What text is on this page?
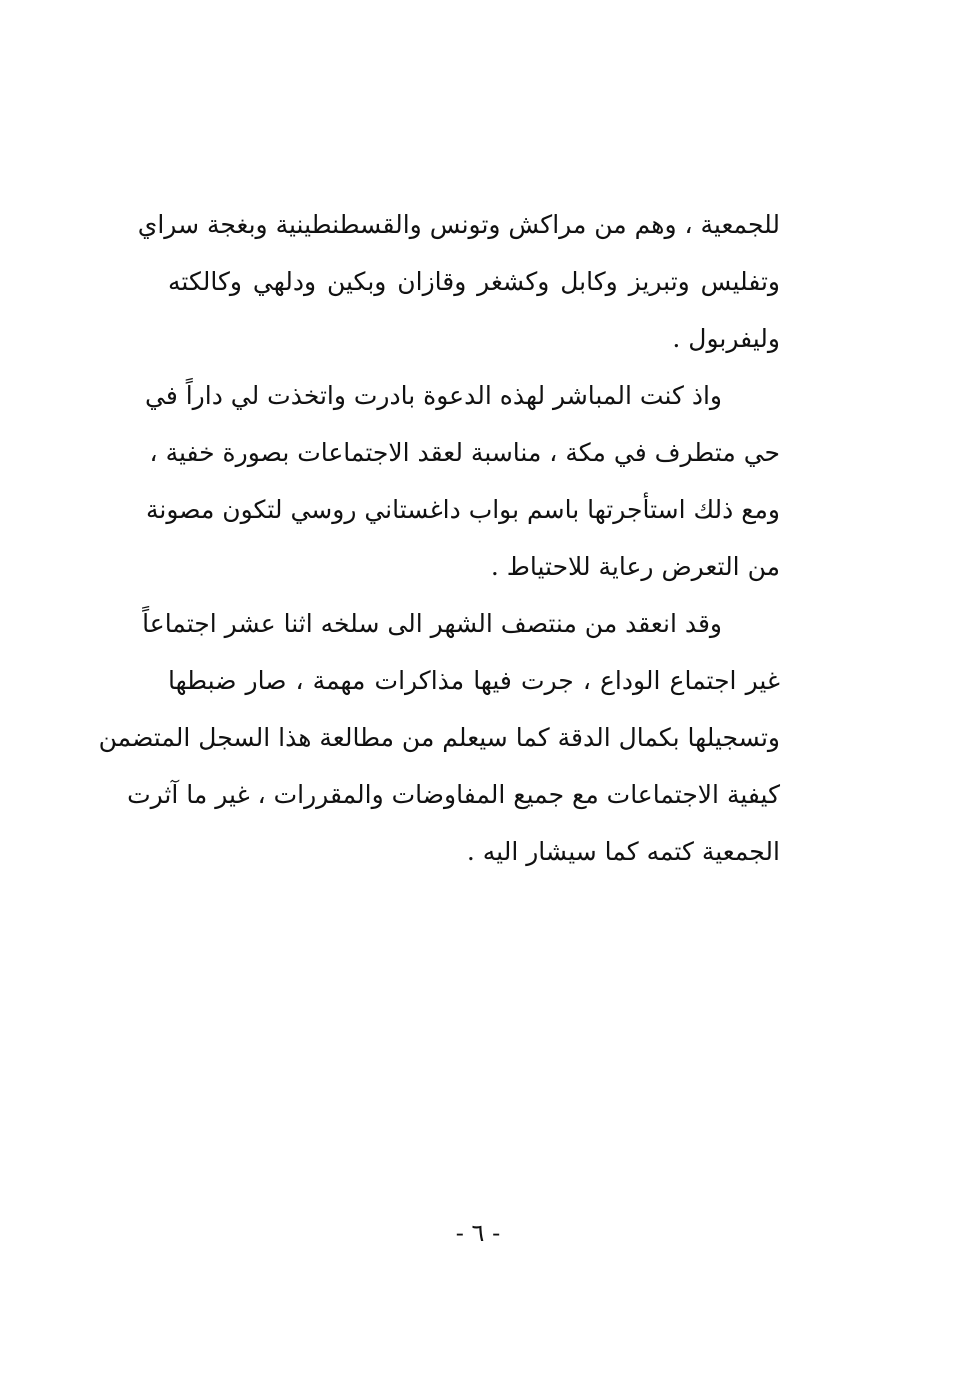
للجمعية ، وهم من مراكش وتونس والقسطنطينية وبغجة سراي
وتفليس وتبريز وكابل وكشغر وقازان وبكين ودلهي وكالكته
وليفربول .
واذ كنت المباشر لهذه الدعوة بادرت واتخذت لي داراً في
حي متطرف في مكة ، مناسبة لعقد الاجتماعات بصورة خفية ،
ومع ذلك استأجرتها باسم بواب داغستاني روسي لتكون مصونة
من التعرض رعاية للاحتياط .
وقد انعقد من منتصف الشهر الى سلخه اثنا عشر اجتماعاً
غير اجتماع الوداع ، جرت فيها مذاكرات مهمة ، صار ضبطها
وتسجيلها بكمال الدقة كما سيعلم من مطالعة هذا السجل المتضمن
كيفية الاجتماعات مع جميع المفاوضات والمقررات ، غير ما آثرت
الجمعية كتمه كما سيشار اليه .
- ٦ -
